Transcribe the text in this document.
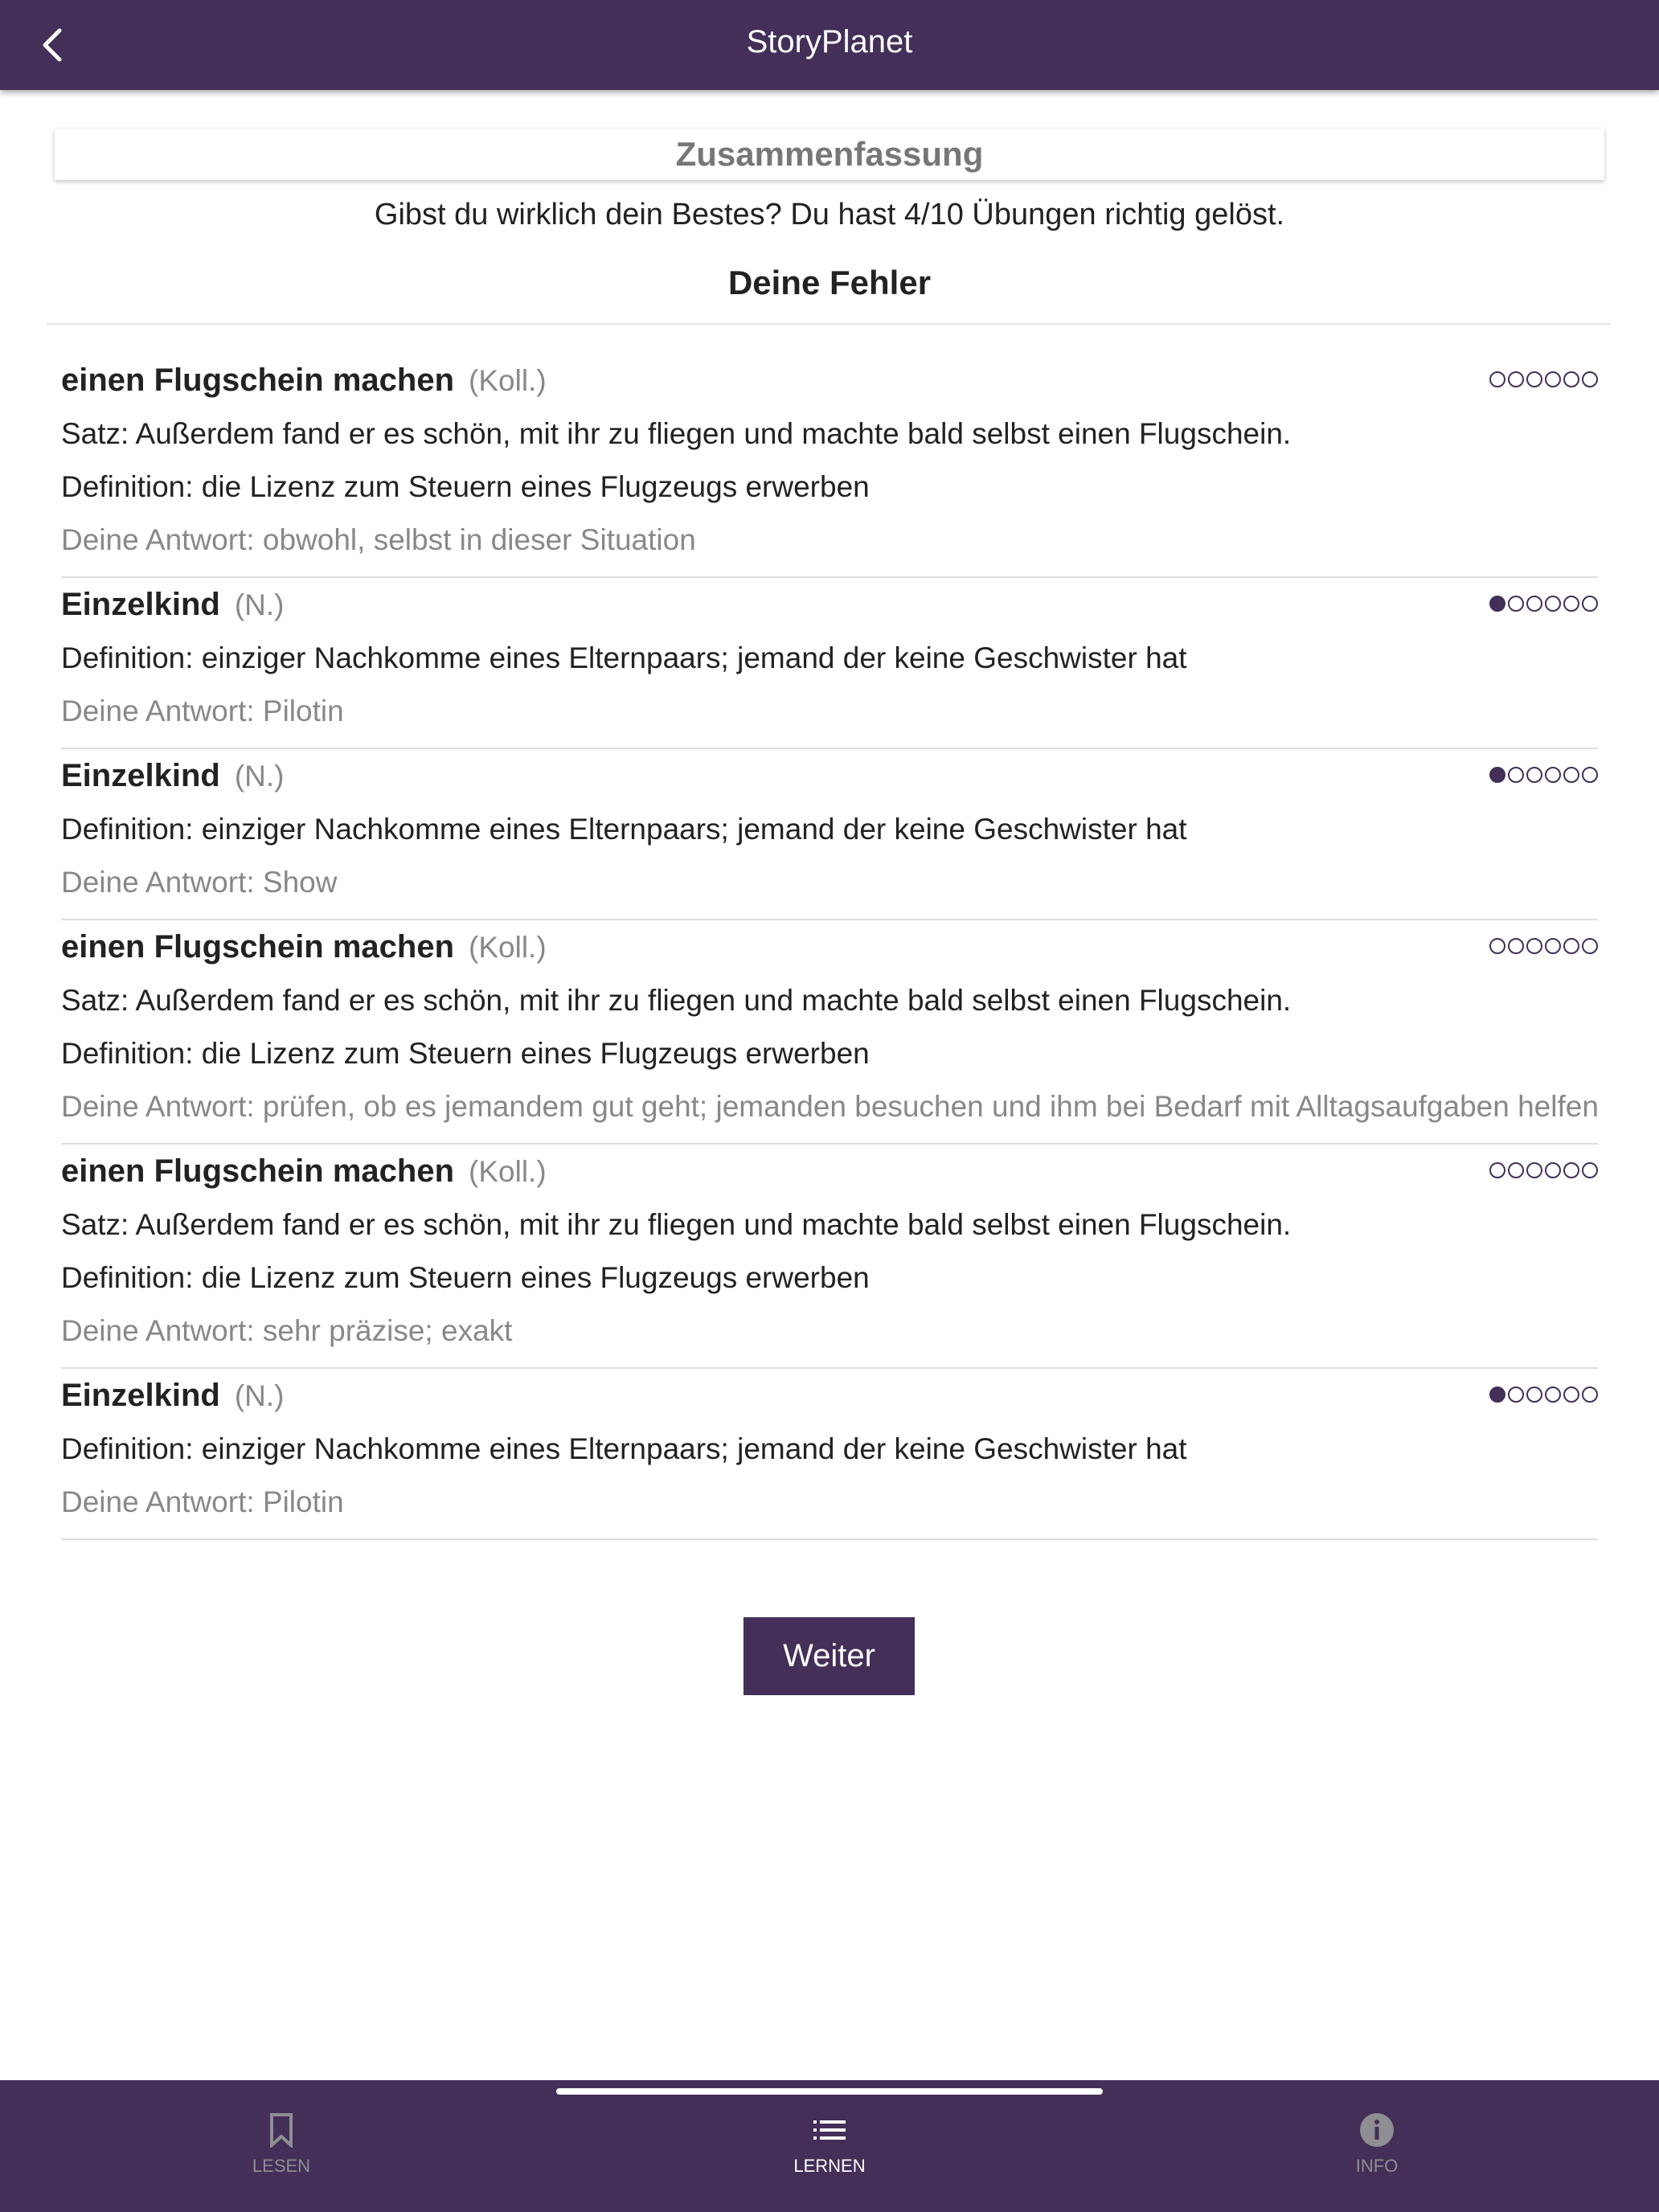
StoryPlanet
Zusammenfassung
Gibst du wirklich dein Bestes? Du hast 4/10 Übungen richtig gelöst.
Deine Fehler
einen Flugschein machen (Koll.)
Satz: Außerdem fand er es schön, mit ihr zu fliegen und machte bald selbst einen Flugschein.
Definition: die Lizenz zum Steuern eines Flugzeugs erwerben
Deine Antwort: obwohl, selbst in dieser Situation
Einzelkind (N.)
Definition: einziger Nachkomme eines Elternpaars; jemand der keine Geschwister hat
Deine Antwort: Pilotin
Einzelkind (N.)
Definition: einziger Nachkomme eines Elternpaars; jemand der keine Geschwister hat
Deine Antwort: Show
einen Flugschein machen (Koll.)
Satz: Außerdem fand er es schön, mit ihr zu fliegen und machte bald selbst einen Flugschein.
Definition: die Lizenz zum Steuern eines Flugzeugs erwerben
Deine Antwort: prüfen, ob es jemandem gut geht; jemanden besuchen und ihm bei Bedarf mit Alltagsaufgaben helfen
einen Flugschein machen (Koll.)
Satz: Außerdem fand er es schön, mit ihr zu fliegen und machte bald selbst einen Flugschein.
Definition: die Lizenz zum Steuern eines Flugzeugs erwerben
Deine Antwort: sehr präzise; exakt
Einzelkind (N.)
Definition: einziger Nachkomme eines Elternpaars; jemand der keine Geschwister hat
Deine Antwort: Pilotin
Weiter üben
LESEN	LERNEN	INFO
